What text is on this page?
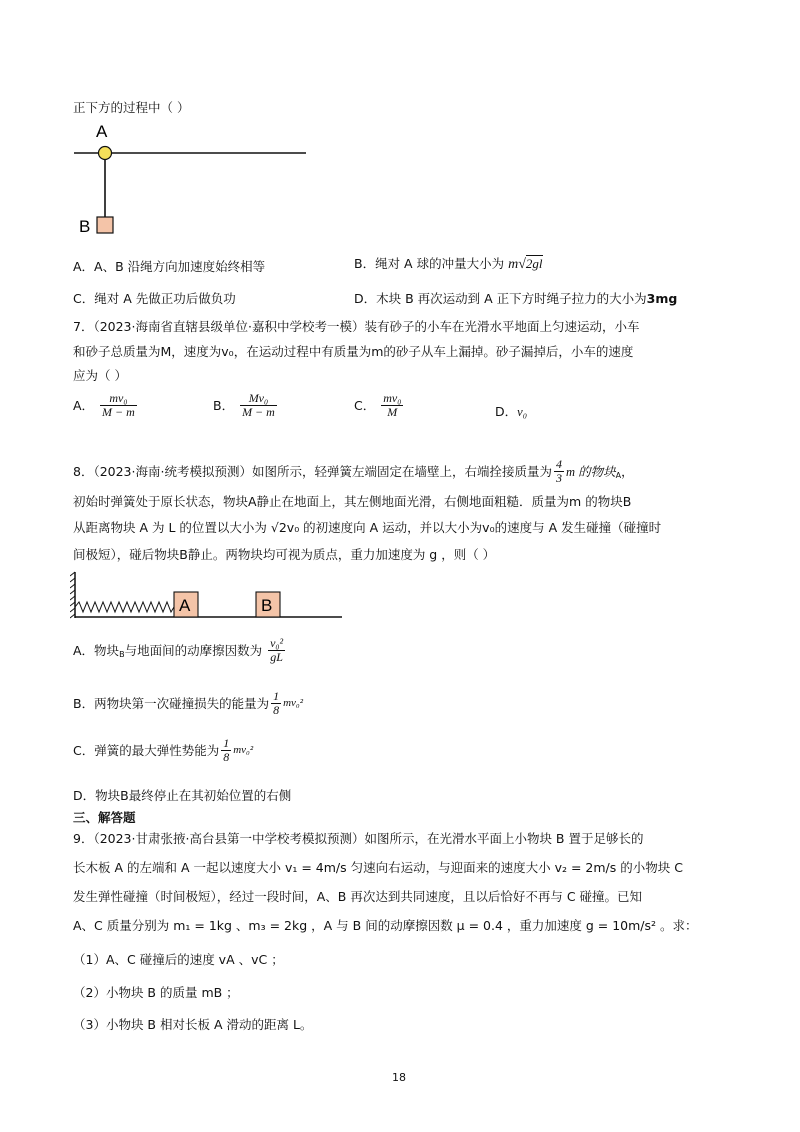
正下方的过程中（ ）
A
B
A．A、B 沿绳方向加速度始终相等	B．绳对 A 球的冲量大小为 m√2gl
C．绳对 A 先做正功后做负功	D．木块 B 再次运动到 A 正下方时绳子拉力的大小为3mg
7．（2023·海南省直辖县级单位·嘉积中学校考一模）装有砂子的小车在光滑水平地面上匀速运动，小车
和砂子总质量为M，速度为v₀，在运动过程中有质量为m的砂子从车上漏掉。砂子漏掉后，小车的速度
应为（ ）
A． $\frac{\text{mv₀}}{M - m}$	B． $\frac{\text{Mv₀}}{M - m}$	C． $\frac{\text{mv₀}}{M}$	D．v₀
8．（2023·海南·统考模拟预测）如图所示，轻弹簧左端固定在墙壁上，右端拴接质量为 $\frac{4}{3}$ m 的物块$_A$，
初始时弹簧处于原长状态，物块A静止在地面上，其左侧地面光滑，右侧地面粗糙．质量为m 的物块B
从距离物块 A 为 L 的位置以大小为 √2v₀ 的初速度向 A 运动，并以大小为v₀的速度与 A 发生碰撞（碰撞时
间极短），碰后物块B静止。两物块均可视为质点，重力加速度为 g ，则（ ）
A	B
A．物块$_B$与地面间的动摩擦因数为 $\frac{\text{v₀²}}{gL}$
B．两物块第一次碰撞损失的能量为 $\frac{1}{8} mv_0^2$
C．弹簧的最大弹性势能为 $\frac{1}{8} mv_0^2$
D．物块B最终停止在其初始位置的右侧
三、解答题
9．（2023·甘肃张掖·高台县第一中学校考模拟预测）如图所示，在光滑水平面上小物块 B 置于足够长的
长木板 A 的左端和 A 一起以速度大小 v₁ = 4m/s 匀速向右运动，与迎面来的速度大小 v₂ = 2m/s 的小物块 C
发生弹性碰撞（时间极短），经过一段时间，A、B 再次达到共同速度，且以后恰好不再与 C 碰撞。已知
A、C 质量分别为 m₁ = 1kg 、m₃ = 2kg ，A 与 B 间的动摩擦因数 μ = 0.4 ，重力加速度 g = 10m/s² 。求：
（1）A、C 碰撞后的速度 vA 、vC ；
（2）小物块 B 的质量 mB ；
（3）小物块 B 相对长板 A 滑动的距离 L。
18
